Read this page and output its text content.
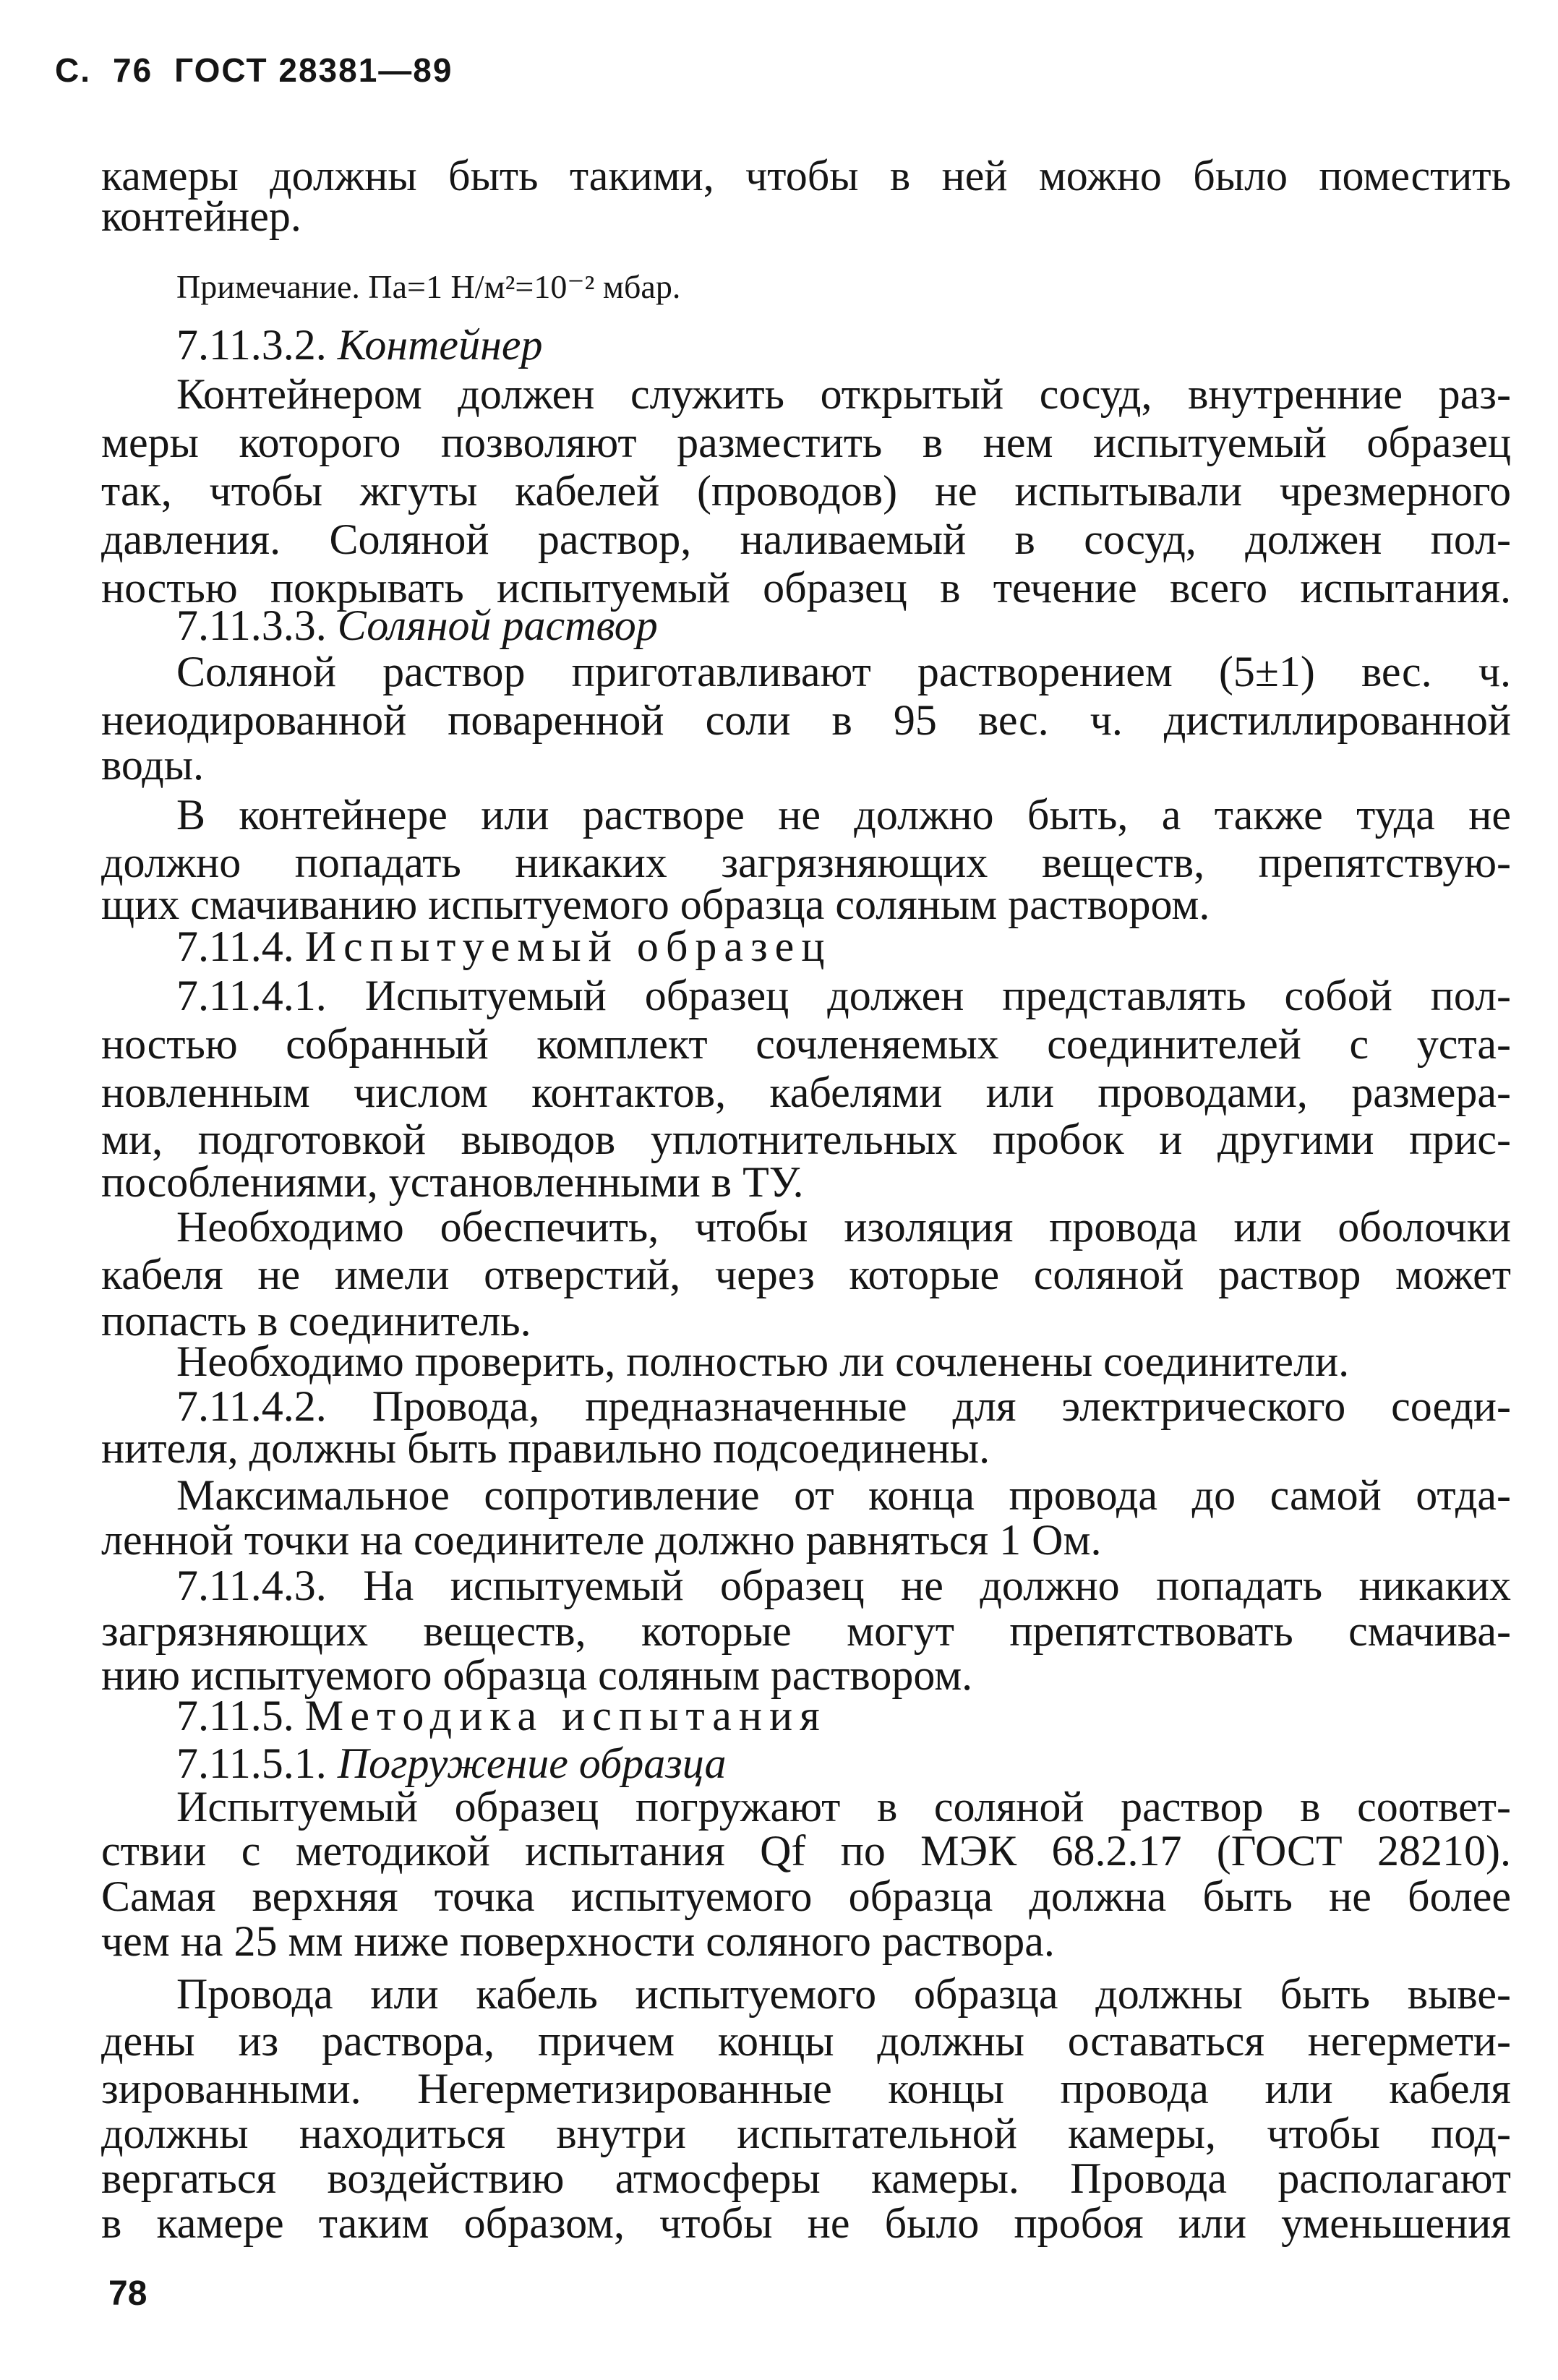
С. 76 ГОСТ 28381—89
камеры должны быть такими, чтобы в ней можно было поместить
контейнер.
Примечание. Па=1 Н/м²=10⁻² мбар.
7.11.3.2. Контейнер
Контейнером должен служить открытый сосуд, внутренние раз-
меры которого позволяют разместить в нем испытуемый образец
так, чтобы жгуты кабелей (проводов) не испытывали чрезмерного
давления. Соляной раствор, наливаемый в сосуд, должен пол-
ностью покрывать испытуемый образец в течение всего испытания.
7.11.3.3. Соляной раствор
Соляной раствор приготавливают растворением (5±1) вес. ч.
неиодированной поваренной соли в 95 вес. ч. дистиллированной
воды.
В контейнере или растворе не должно быть, а также туда не
должно попадать никаких загрязняющих веществ, препятствую-
щих смачиванию испытуемого образца соляным раствором.
7.11.4. Испытуемый образец
7.11.4.1. Испытуемый образец должен представлять собой пол-
ностью собранный комплект сочленяемых соединителей с уста-
новленным числом контактов, кабелями или проводами, размера-
ми, подготовкой выводов уплотнительных пробок и другими прис-
пособлениями, установленными в ТУ.
Необходимо обеспечить, чтобы изоляция провода или оболочки
кабеля не имели отверстий, через которые соляной раствор может
попасть в соединитель.
Необходимо проверить, полностью ли сочленены соединители.
7.11.4.2. Провода, предназначенные для электрического соеди-
нителя, должны быть правильно подсоединены.
Максимальное сопротивление от конца провода до самой отда-
ленной точки на соединителе должно равняться 1 Ом.
7.11.4.3. На испытуемый образец не должно попадать никаких
загрязняющих веществ, которые могут препятствовать смачива-
нию испытуемого образца соляным раствором.
7.11.5. Методика испытания
7.11.5.1. Погружение образца
Испытуемый образец погружают в соляной раствор в соответ-
ствии с методикой испытания Qf по МЭК 68.2.17 (ГОСТ 28210).
Самая верхняя точка испытуемого образца должна быть не более
чем на 25 мм ниже поверхности соляного раствора.
Провода или кабель испытуемого образца должны быть выве-
дены из раствора, причем концы должны оставаться негермети-
зированными. Негерметизированные концы провода или кабеля
должны находиться внутри испытательной камеры, чтобы под-
вергаться воздействию атмосферы камеры. Провода располагают
в камере таким образом, чтобы не было пробоя или уменьшения
78
